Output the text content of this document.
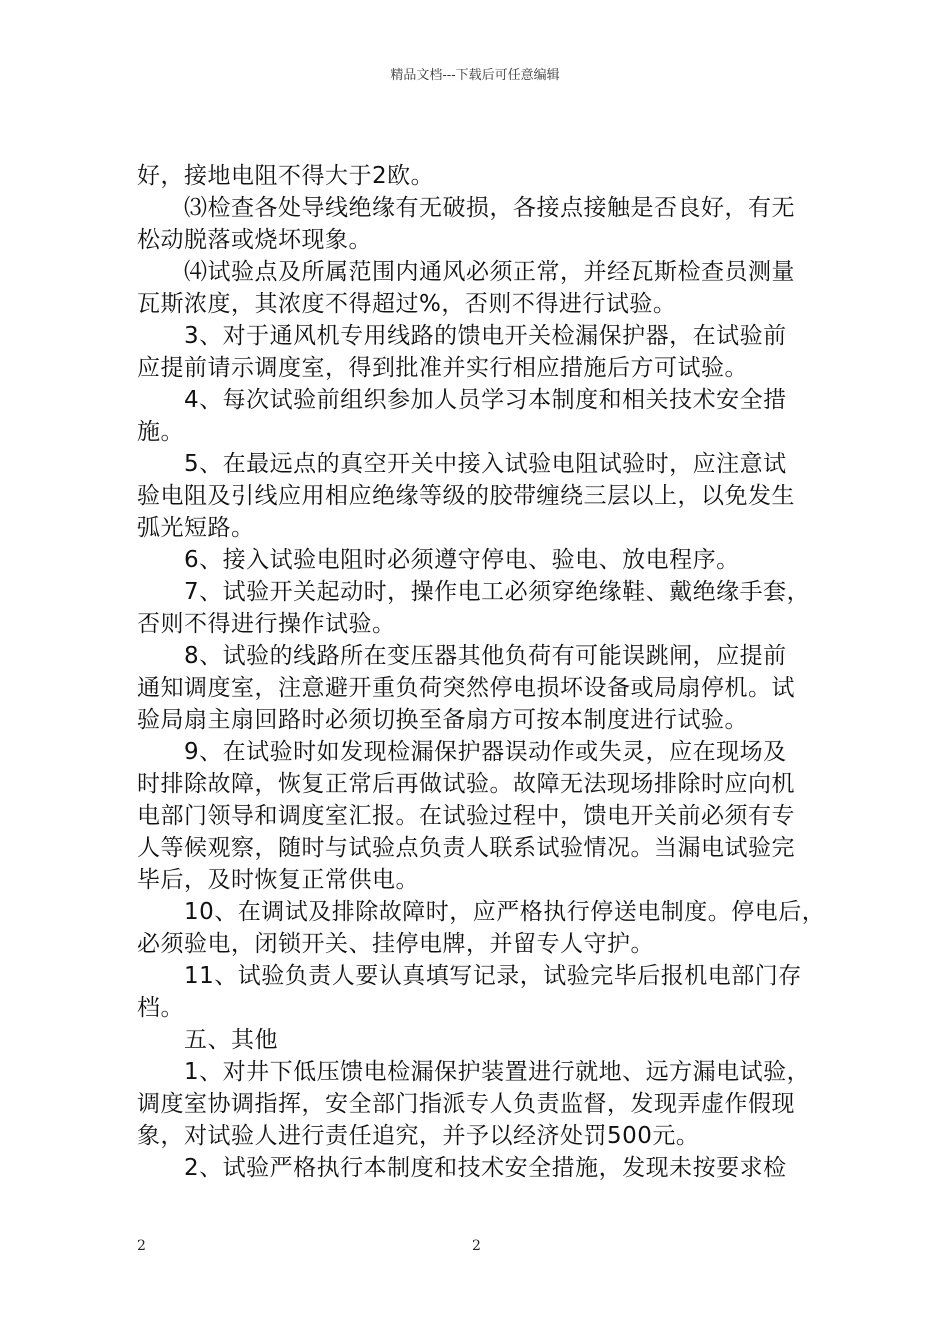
精品文档---下载后可任意编辑
好，接地电阻不得大于2欧。
⑶检查各处导线绝缘有无破损，各接点接触是否良好，有无
松动脱落或烧坏现象。
⑷试验点及所属范围内通风必须正常，并经瓦斯检查员测量
瓦斯浓度，其浓度不得超过%，否则不得进行试验。
3、对于通风机专用线路的馈电开关检漏保护器，在试验前
应提前请示调度室，得到批准并实行相应措施后方可试验。
4、每次试验前组织参加人员学习本制度和相关技术安全措
施。
5、在最远点的真空开关中接入试验电阻试验时，应注意试
验电阻及引线应用相应绝缘等级的胶带缠绕三层以上，以免发生
弧光短路。
6、接入试验电阻时必须遵守停电、验电、放电程序。
7、试验开关起动时，操作电工必须穿绝缘鞋、戴绝缘手套，
否则不得进行操作试验。
8、试验的线路所在变压器其他负荷有可能误跳闸，应提前
通知调度室，注意避开重负荷突然停电损坏设备或局扇停机。试
验局扇主扇回路时必须切换至备扇方可按本制度进行试验。
9、在试验时如发现检漏保护器误动作或失灵，应在现场及
时排除故障，恢复正常后再做试验。故障无法现场排除时应向机
电部门领导和调度室汇报。在试验过程中，馈电开关前必须有专
人等候观察，随时与试验点负责人联系试验情况。当漏电试验完
毕后，及时恢复正常供电。
10、在调试及排除故障时，应严格执行停送电制度。停电后，
必须验电，闭锁开关、挂停电牌，并留专人守护。
11、试验负责人要认真填写记录，试验完毕后报机电部门存
档。
五、其他
1、对井下低压馈电检漏保护装置进行就地、远方漏电试验，
调度室协调指挥，安全部门指派专人负责监督，发现弄虚作假现
象，对试验人进行责任追究，并予以经济处罚500元。
2、试验严格执行本制度和技术安全措施，发现未按要求检
2	2
